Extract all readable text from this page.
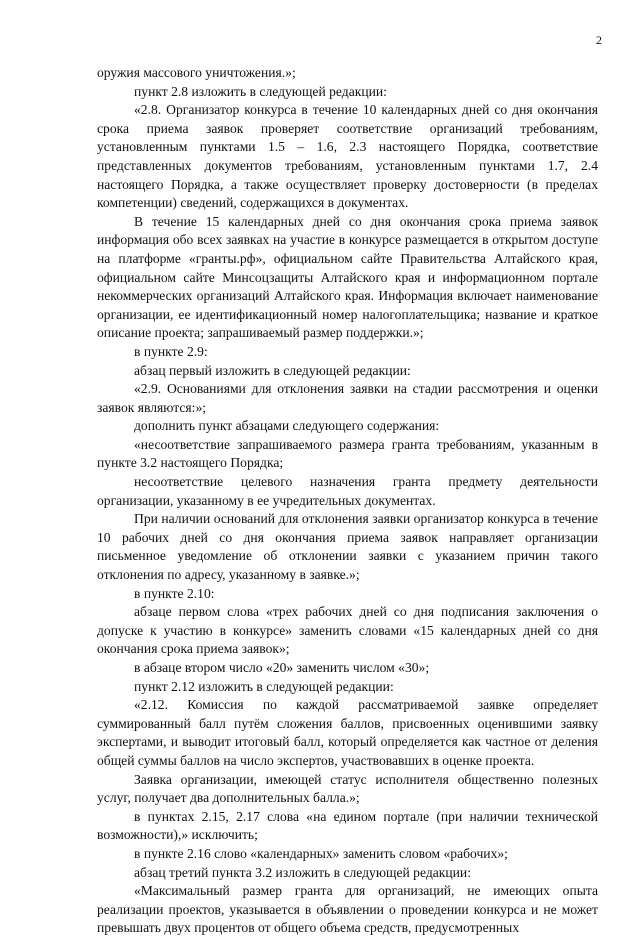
2

оружия массового уничтожения.»;

пункт 2.8 изложить в следующей редакции:

«2.8. Организатор конкурса в течение 10 календарных дней со дня окончания срока приема заявок проверяет соответствие организаций требованиям, установленным пунктами 1.5 – 1.6, 2.3 настоящего Порядка, соответствие представленных документов требованиям, установленным пунктами 1.7, 2.4 настоящего Порядка, а также осуществляет проверку достоверности (в пределах компетенции) сведений, содержащихся в документах.

В течение 15 календарных дней со дня окончания срока приема заявок информация обо всех заявках на участие в конкурсе размещается в открытом доступе на платформе «гранты.рф», официальном сайте Правительства Алтайского края, официальном сайте Минсоцзащиты Алтайского края и информационном портале некоммерческих организаций Алтайского края. Информация включает наименование организации, ее идентификационный номер налогоплательщика; название и краткое описание проекта; запрашиваемый размер поддержки.»;

в пункте 2.9:

абзац первый изложить в следующей редакции:

«2.9. Основаниями для отклонения заявки на стадии рассмотрения и оценки заявок являются:»;

дополнить пункт абзацами следующего содержания:

«несоответствие запрашиваемого размера гранта требованиям, указанным в пункте 3.2 настоящего Порядка;

несоответствие целевого назначения гранта предмету деятельности организации, указанному в ее учредительных документах.

При наличии оснований для отклонения заявки организатор конкурса в течение 10 рабочих дней со дня окончания приема заявок направляет организации письменное уведомление об отклонении заявки с указанием причин такого отклонения по адресу, указанному в заявке.»;

в пункте 2.10:

абзаце первом слова «трех рабочих дней со дня подписания заключения о допуске к участию в конкурсе» заменить словами «15 календарных дней со дня окончания срока приема заявок»;

в абзаце втором число «20» заменить числом «30»;

пункт 2.12 изложить в следующей редакции:

«2.12. Комиссия по каждой рассматриваемой заявке определяет суммированный балл путём сложения баллов, присвоенных оценившими заявку экспертами, и выводит итоговый балл, который определяется как частное от деления общей суммы баллов на число экспертов, участвовавших в оценке проекта.

Заявка организации, имеющей статус исполнителя общественно полезных услуг, получает два дополнительных балла.»;

в пунктах 2.15, 2.17 слова «на едином портале (при наличии технической возможности),» исключить;

в пункте 2.16 слово «календарных» заменить словом «рабочих»;

абзац третий пункта 3.2 изложить в следующей редакции:

«Максимальный размер гранта для организаций, не имеющих опыта реализации проектов, указывается в объявлении о проведении конкурса и не может превышать двух процентов от общего объема средств, предусмотренных
